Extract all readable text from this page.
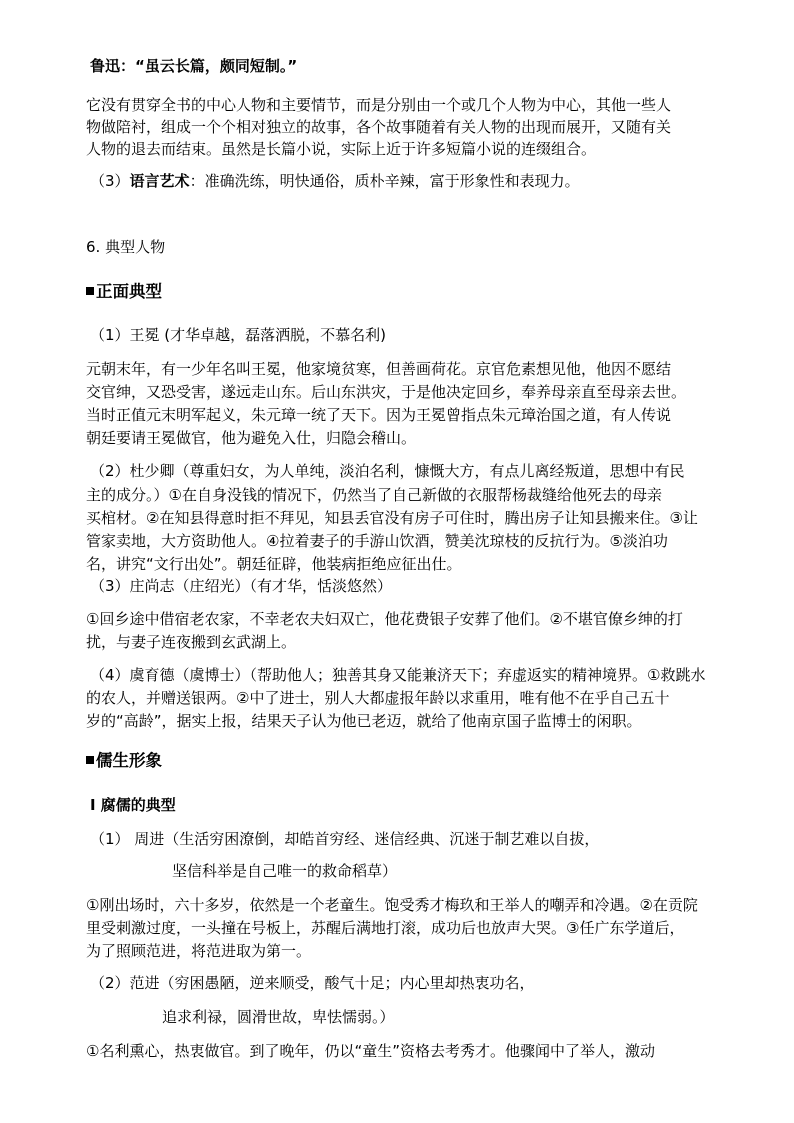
鲁迅：“虽云长篇，颇同短制。”

它没有贯穿全书的中心人物和主要情节，而是分别由一个或几个人物为中心，其他一些人

物做陪衬，组成一个个相对独立的故事，各个故事随着有关人物的出现而展开，又随有关

人物的退去而结束。虽然是长篇小说，实际上近于许多短篇小说的连缀组合。

（3）语言艺术：准确洗练，明快通俗，质朴辛辣，富于形象性和表现力。

6. 典型人物

正面典型

（1）王冕 (才华卓越，磊落洒脱，不慕名利)

元朝末年，有一少年名叫王冕，他家境贫寒，但善画荷花。京官危素想见他，他因不愿结

交官绅，又恐受害，遂远走山东。后山东洪灾，于是他决定回乡，奉养母亲直至母亲去世。

当时正值元末明军起义，朱元璋一统了天下。因为王冕曾指点朱元璋治国之道，有人传说

朝廷要请王冕做官，他为避免入仕，归隐会稽山。

（2）杜少卿（尊重妇女，为人单纯，淡泊名利，慷慨大方，有点儿离经叛道，思想中有民

主的成分。）①在自身没钱的情况下，仍然当了自己新做的衣服帮杨裁缝给他死去的母亲

买棺材。②在知县得意时拒不拜见，知县丢官没有房子可住时，腾出房子让知县搬来住。③让

管家卖地，大方资助他人。④拉着妻子的手游山饮酒，赞美沈琼枝的反抗行为。⑤淡泊功

名，讲究“文行出处”。朝廷征辟，他装病拒绝应征出仕。

（3）庄尚志（庄绍光）（有才华，恬淡悠然）

①回乡途中借宿老农家，不幸老农夫妇双亡，他花费银子安葬了他们。②不堪官僚乡绅的打

扰，与妻子连夜搬到玄武湖上。

（4）虞育德（虞博士）（帮助他人；独善其身又能兼济天下；弃虚返实的精神境界。①救跳水

的农人，并赠送银两。②中了进士，别人大都虚报年龄以求重用，唯有他不在乎自己五十

岁的“高龄”，据实上报，结果天子认为他已老迈，就给了他南京国子监博士的闲职。

儒生形象

Ⅰ 腐儒的典型

（1） 周进（生活穷困潦倒，却皓首穷经、迷信经典、沉迷于制艺难以自拔，

坚信科举是自己唯一的救命稻草）

①刚出场时，六十多岁，依然是一个老童生。饱受秀才梅玖和王举人的嘲弄和冷遇。②在贡院

里受刺激过度，一头撞在号板上，苏醒后满地打滚，成功后也放声大哭。③任广东学道后，

为了照顾范进，将范进取为第一。

（2）范进（穷困愚陋，逆来顺受，酸气十足；内心里却热衷功名，

追求利禄，圆滑世故，卑怯懦弱。）

①名利熏心，热衷做官。到了晚年，仍以“童生”资格去考秀才。他骤闻中了举人，激动
